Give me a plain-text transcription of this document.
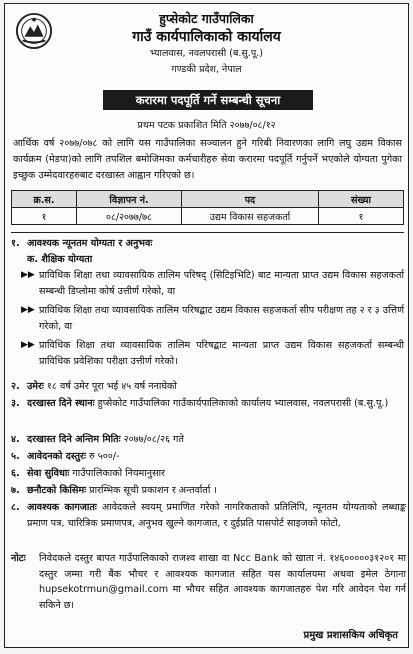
हुप्सेकोट गाउँपालिका
गाउँ कार्यपालिकाको कार्यालय
भ्यालवास, नवलपरासी (ब.सु.पू.)
गण्डकी प्रदेश, नेपाल
करारमा पदपूर्ति गर्ने सम्बन्धी सूचना
प्रथम पटक प्रकाशित मिति २०७७/०८/१२
आर्थिक वर्ष २०७७/०७८ को लागि यस गाउँपालिका सञ्चालन हुने गरिबी निवारणका लागि लघु उद्यम विकास कार्यक्रम (मेडपा)को लागि तपशिल बमोजिमका कर्मचारीहरु सेवा करारमा पदपूर्ति गर्नुपर्ने भएकोले योग्यता पुगेका इच्छुक उम्मेदवारहरुबाट दरखास्त आह्वान गरिएको छ।
क्र.स.	विज्ञापन नं.	पद	संख्या
१	०८/२०७७/७८	उद्यम विकास सहजकर्ता	१
१. आवश्यक न्यूनतम योग्यता र अनुभवः
क. शैक्षिक योग्यता
▶▶ प्राविधिक शिक्षा तथा व्यावसायिक तालिम परिषद् (सिटिइभिटि) बाट मान्यता प्राप्त उद्यम विकास सहजकर्ता सम्बन्धी डिप्लोमा कोर्ष उत्तीर्ण गरेको, वा
▶▶ प्राविधिक शिक्षा तथा व्यावसायिक तालिम परिषद्बाट उद्यम विकास सहजकर्ता सीप परीक्षण तह २ र ३ उत्तिर्ण गरेको, वा
▶▶ प्राविधिक शिक्षा तथा व्यावसायिक तालिम परिषद्बाट मान्यता प्राप्त उद्यम विकास सहजकर्ता सम्बन्धी प्राविधिक प्रवेशिका परीक्षा उत्तीर्ण गरेको।
२. उमेरः १८ वर्ष उमेर पूरा भई ४५ वर्ष ननाघेको
३. दरखास्त दिने स्थानः हुप्सेकोट गाउँपालिका गाउँकार्यपालिकाको कार्यालय भ्यालवास, नवलपरासी (ब.सु.पू.)
४. दरखास्त दिने अन्तिम मितिः २०७७/०८/२६ गते
५. आवेदनको दस्तुरः रु ५००/-
६. सेवा सुविधाः गाउँपालिकाको नियमानुसार
७. छनौटको किसिमः प्रारम्भिक सूची प्रकाशन र अन्तर्वार्ता ।
८. आवश्यक कागजातः आवेदकले स्वयम् प्रमाणित गरेको नागरिकताको प्रतिलिपि, न्यूनतम योग्यताको लब्धाङ्क प्रमाण पत्र, चारित्रिक प्रमाणपत्र, अनुभव खुल्ने कागजात, र दुईप्रति पासपोर्ट साइजको फोटो,
नोटः निवेदकले दस्तुर बापत गाउँपालिकाको राजश्व शाखा वा Ncc Bank को खाता नं. १४६०००००३१२०१ मा दस्तुर जम्मा गरी बैंक भौचर र आवश्यक कागजात सहित यस कार्यालयमा अथवा इमेल ठेगाना hupsekotrmun@gmail.com मा भौचर सहित आवश्यक कागजातहरु पेश गरि आवेदन पेश गर्न सकिने छ।
प्रमुख प्रशासकिय अधिकृत
